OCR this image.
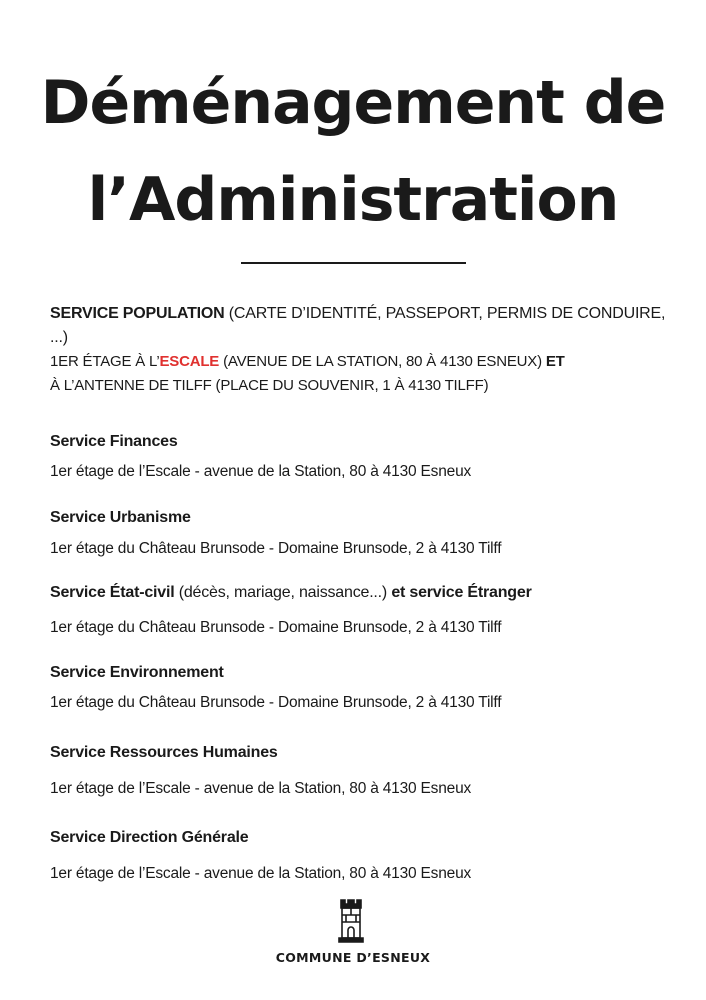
Déménagement de
l’Administration
SERVICE POPULATION (CARTE D’IDENTITÉ, PASSEPORT, PERMIS DE CONDUIRE, ...)
1ER ÉTAGE À L’ESCALE (AVENUE DE LA STATION, 80 À 4130 ESNEUX) ET
À L’ANTENNE DE TILFF (PLACE DU SOUVENIR, 1 À 4130 TILFF)
Service Finances
1er étage de l’Escale - avenue de la Station, 80 à 4130 Esneux
Service Urbanisme
1er étage du Château Brunsode - Domaine Brunsode, 2 à 4130 Tilff
Service État-civil (décès, mariage, naissance...) et service Étranger
1er étage du Château Brunsode - Domaine Brunsode, 2 à 4130 Tilff
Service Environnement
1er étage du Château Brunsode - Domaine Brunsode, 2 à 4130 Tilff
Service Ressources Humaines
1er étage de l’Escale - avenue de la Station, 80 à 4130 Esneux
Service Direction Générale
1er étage de l’Escale - avenue de la Station, 80 à 4130 Esneux
COMMUNE D’ESNEUX
